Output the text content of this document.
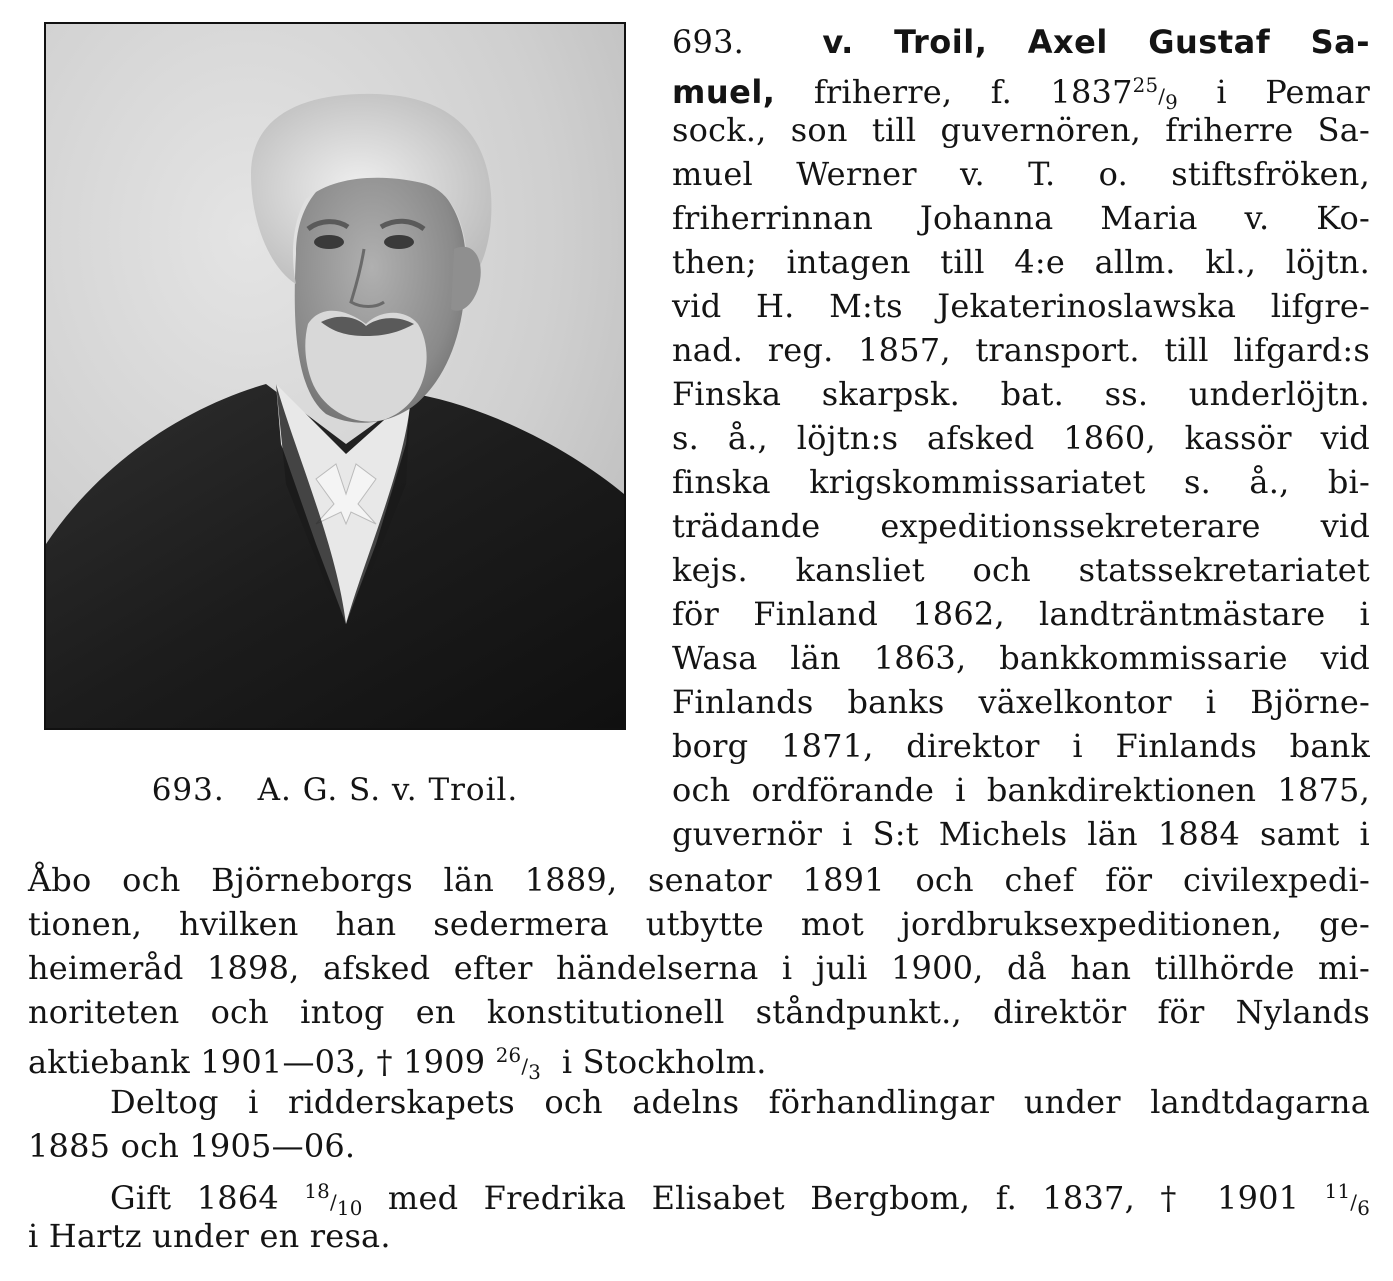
693. A. G. S. v. Troil.
693. v. Troil, Axel Gustaf Sa-
muel, friherre, f. 183725/9 i Pemar
sock., son till guvernören, friherre Sa-
muel Werner v. T. o. stiftsfröken,
friherrinnan Johanna Maria v. Ko-
then; intagen till 4:e allm. kl., löjtn.
vid H. M:ts Jekaterinoslawska lifgre-
nad. reg. 1857, transport. till lifgard:s
Finska skarpsk. bat. ss. underlöjtn.
s. å., löjtn:s afsked 1860, kassör vid
finska krigskommissariatet s. å., bi-
trädande expeditionssekreterare vid
kejs. kansliet och statssekretariatet
för Finland 1862, landträntmästare i
Wasa län 1863, bankkommissarie vid
Finlands banks växelkontor i Björne-
borg 1871, direktor i Finlands bank
och ordförande i bankdirektionen 1875,
guvernör i S:t Michels län 1884 samt i
Åbo och Björneborgs län 1889, senator 1891 och chef för civilexpedi-
tionen, hvilken han sedermera utbytte mot jordbruksexpeditionen, ge-
heimeråd 1898, afsked efter händelserna i juli 1900, då han tillhörde mi-
noriteten och intog en konstitutionell ståndpunkt., direktör för Nylands
aktiebank 1901—03, † 1909 26/3 i Stockholm.
Deltog i ridderskapets och adelns förhandlingar under landtdagarna
1885 och 1905—06.
Gift 1864 18/10 med Fredrika Elisabet Bergbom, f. 1837, † 1901 11/6
i Hartz under en resa.
